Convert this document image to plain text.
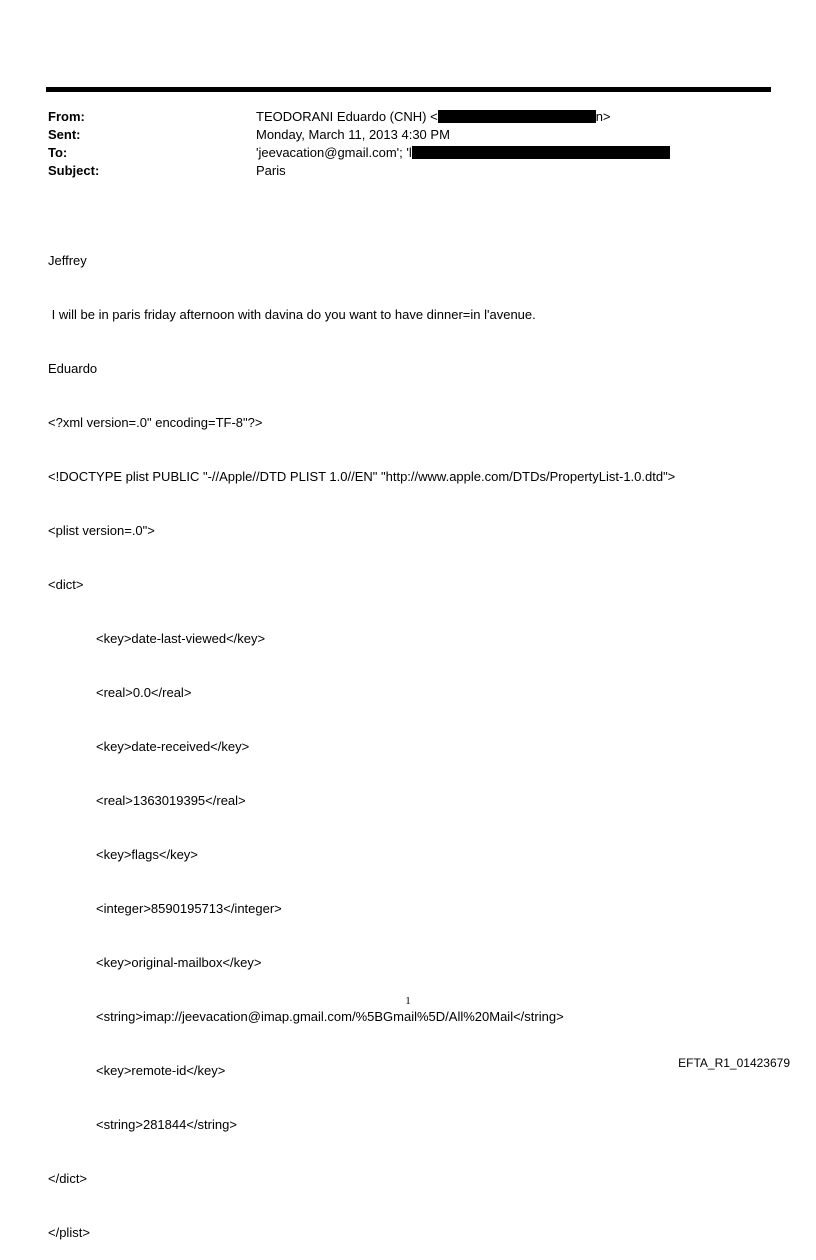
From:	TEODORANI Eduardo (CNH) <	n>
Sent:	Monday, March 11, 2013 4:30 PM
To:	'jeevacation@gmail.com'; 'l
Subject:	Paris

Jeffrey

I will be in paris friday afternoon with davina do you want to have dinner=in l'avenue.

Eduardo

<?xml version=.0" encoding=TF-8"?>

<!DOCTYPE plist PUBLIC "-//Apple//DTD PLIST 1.0//EN" "http://www.apple.com/DTDs/PropertyList-1.0.dtd">

<plist version=.0">

<dict>

<key>date-last-viewed</key>

<real>0.0</real>

<key>date-received</key>

<real>1363019395</real>

<key>flags</key>

<integer>8590195713</integer>

<key>original-mailbox</key>

<string>imap://jeevacation@imap.gmail.com/%5BGmail%5D/All%20Mail</string>

<key>remote-id</key>

<string>281844</string>

</dict>

</plist>

1
EFTA_R1_01423679
